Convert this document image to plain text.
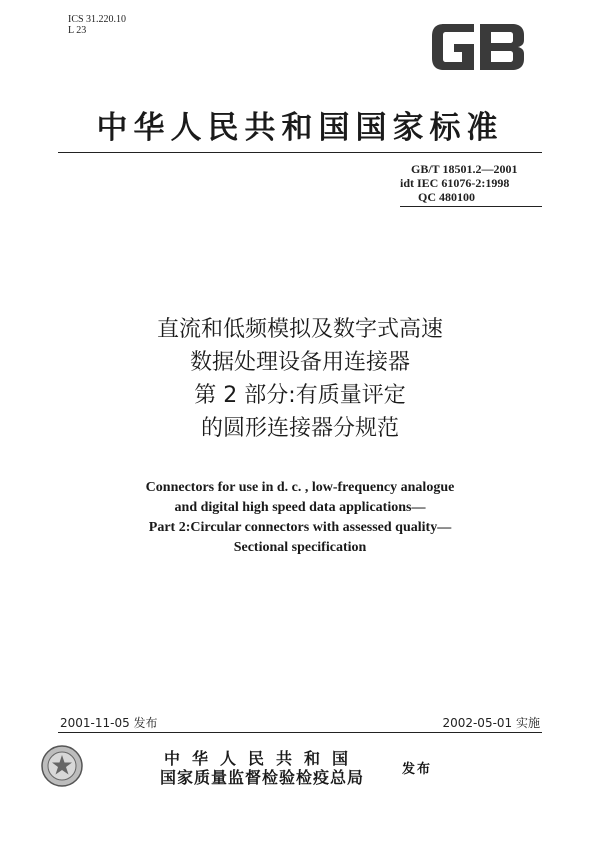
ICS 31.220.10
L 23
中华人民共和国国家标准
GB/T 18501.2—2001
idt IEC 61076-2:1998
QC 480100
直流和低频模拟及数字式高速
数据处理设备用连接器
第 2 部分:有质量评定
的圆形连接器分规范
Connectors for use in d. c. , low-frequency analogue
and digital high speed data applications—
Part 2:Circular connectors with assessed quality—
Sectional specification
2001-11-05 发布	2002-05-01 实施
中华人民共和国
国家质量监督检验检疫总局	发布
